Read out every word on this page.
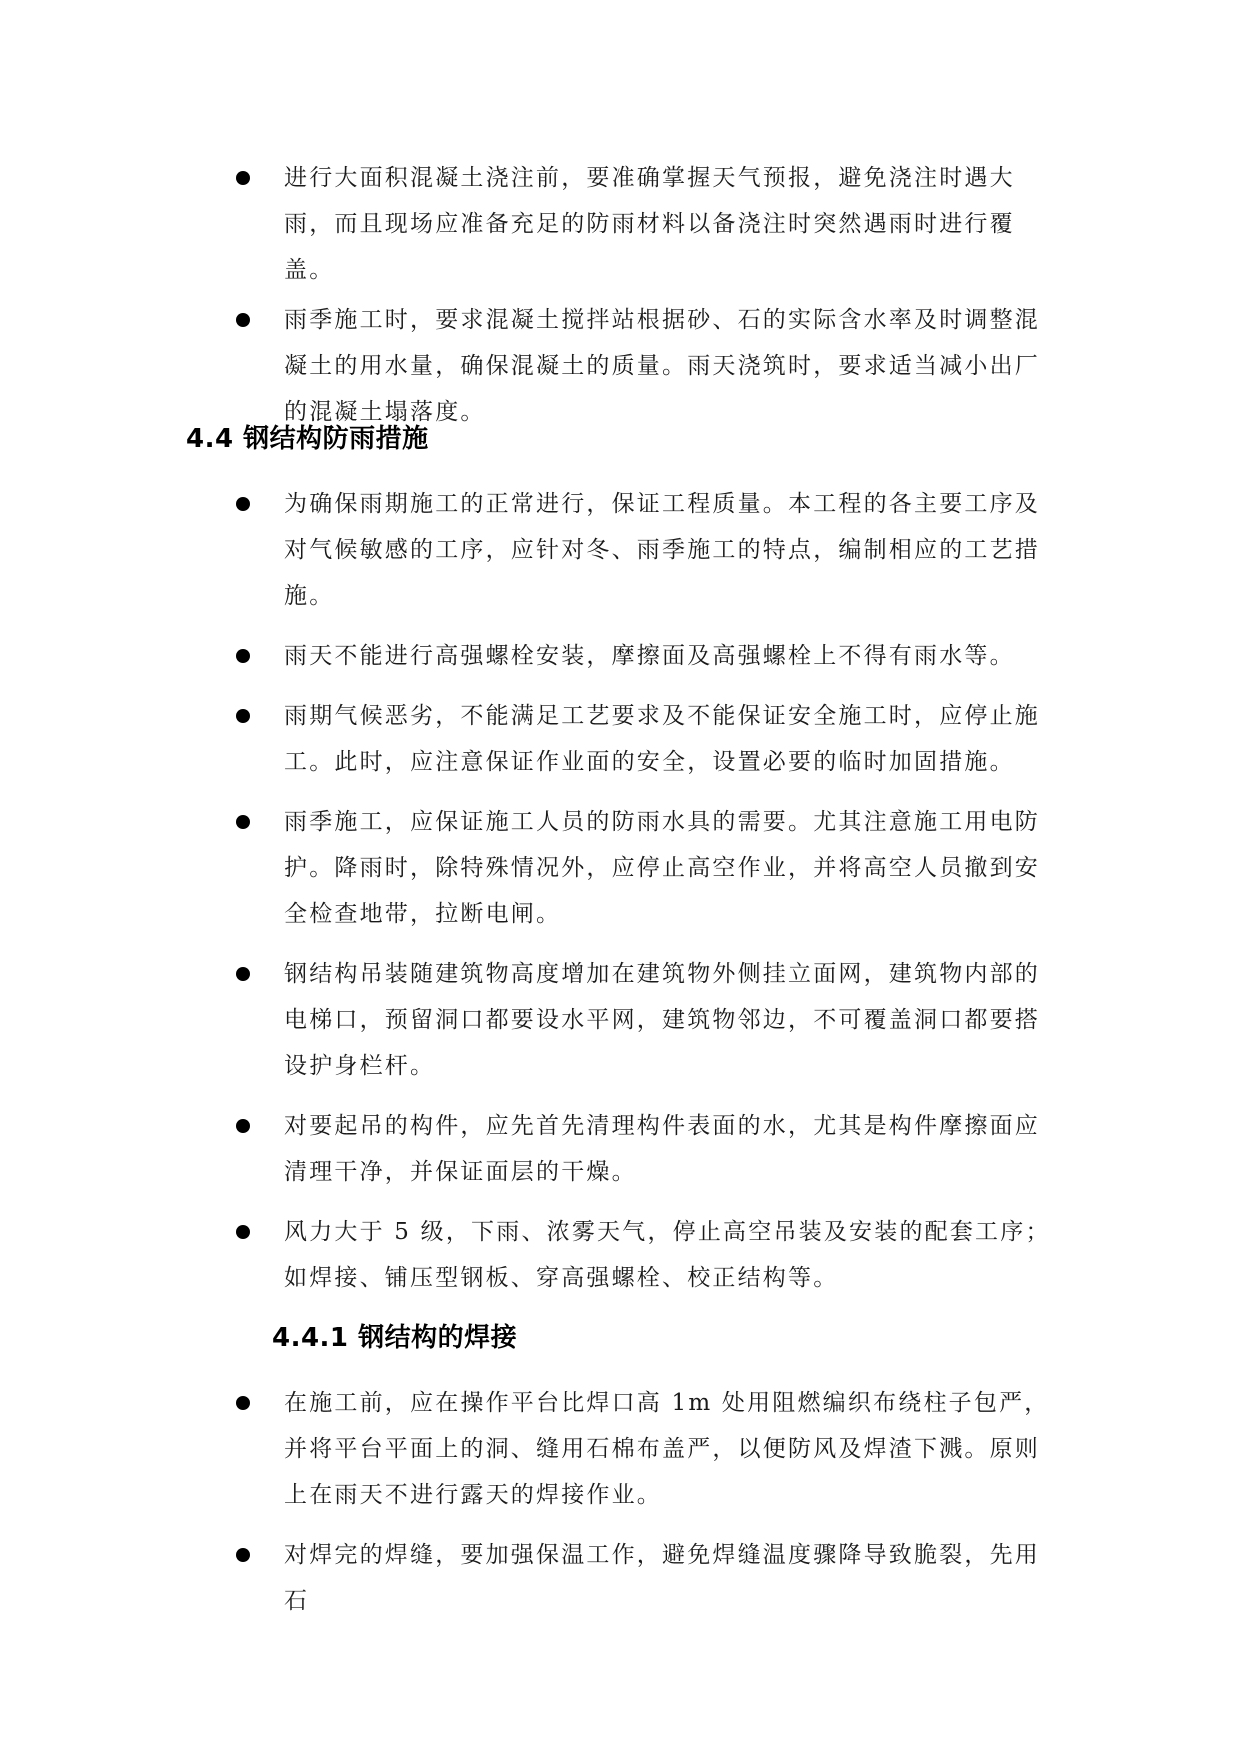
进行大面积混凝土浇注前，要准确掌握天气预报，避免浇注时遇大雨，而且现场应准备充足的防雨材料以备浇注时突然遇雨时进行覆盖。
雨季施工时，要求混凝土搅拌站根据砂、石的实际含水率及时调整混凝土的用水量，确保混凝土的质量。雨天浇筑时，要求适当减小出厂的混凝土塌落度。
4.4 钢结构防雨措施
为确保雨期施工的正常进行，保证工程质量。本工程的各主要工序及对气候敏感的工序，应针对冬、雨季施工的特点，编制相应的工艺措施。
雨天不能进行高强螺栓安装，摩擦面及高强螺栓上不得有雨水等。
雨期气候恶劣，不能满足工艺要求及不能保证安全施工时，应停止施工。此时，应注意保证作业面的安全，设置必要的临时加固措施。
雨季施工，应保证施工人员的防雨水具的需要。尤其注意施工用电防护。降雨时，除特殊情况外，应停止高空作业，并将高空人员撤到安全检查地带，拉断电闸。
钢结构吊装随建筑物高度增加在建筑物外侧挂立面网，建筑物内部的电梯口，预留洞口都要设水平网，建筑物邻边，不可覆盖洞口都要搭设护身栏杆。
对要起吊的构件，应先首先清理构件表面的水，尤其是构件摩擦面应清理干净，并保证面层的干燥。
风力大于 5 级，下雨、浓雾天气，停止高空吊装及安装的配套工序；如焊接、铺压型钢板、穿高强螺栓、校正结构等。
4.4.1 钢结构的焊接
在施工前，应在操作平台比焊口高 1m 处用阻燃编织布绕柱子包严，并将平台平面上的洞、缝用石棉布盖严，以便防风及焊渣下溅。原则上在雨天不进行露天的焊接作业。
对焊完的焊缝，要加强保温工作，避免焊缝温度骤降导致脆裂，先用石
